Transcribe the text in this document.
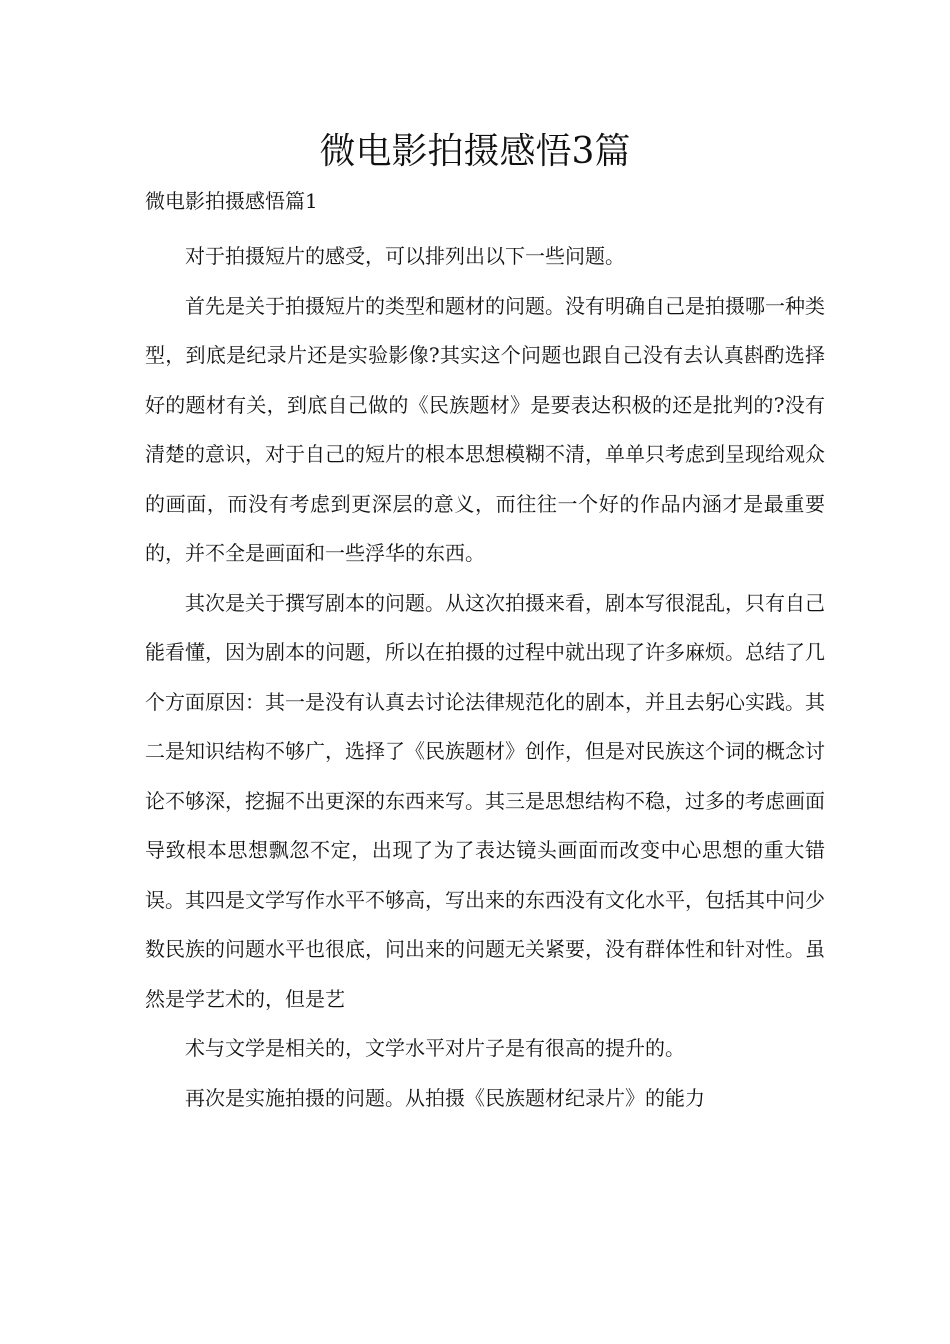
微电影拍摄感悟3篇
微电影拍摄感悟篇1

对于拍摄短片的感受，可以排列出以下一些问题。

首先是关于拍摄短片的类型和题材的问题。没有明确自己是拍摄哪一种类型，到底是纪录片还是实验影像?其实这个问题也跟自己没有去认真斟酌选择好的题材有关，到底自己做的《民族题材》是要表达积极的还是批判的?没有清楚的意识，对于自己的短片的根本思想模糊不清，单单只考虑到呈现给观众的画面，而没有考虑到更深层的意义，而往往一个好的作品内涵才是最重要的，并不全是画面和一些浮华的东西。

其次是关于撰写剧本的问题。从这次拍摄来看，剧本写很混乱，只有自己能看懂，因为剧本的问题，所以在拍摄的过程中就出现了许多麻烦。总结了几个方面原因：其一是没有认真去讨论法律规范化的剧本，并且去躬心实践。其二是知识结构不够广，选择了《民族题材》创作，但是对民族这个词的概念讨论不够深，挖掘不出更深的东西来写。其三是思想结构不稳，过多的考虑画面导致根本思想飘忽不定，出现了为了表达镜头画面而改变中心思想的重大错误。其四是文学写作水平不够高，写出来的东西没有文化水平，包括其中问少数民族的问题水平也很底，问出来的问题无关紧要，没有群体性和针对性。虽然是学艺术的，但是艺

术与文学是相关的，文学水平对片子是有很高的提升的。

再次是实施拍摄的问题。从拍摄《民族题材纪录片》的能力
